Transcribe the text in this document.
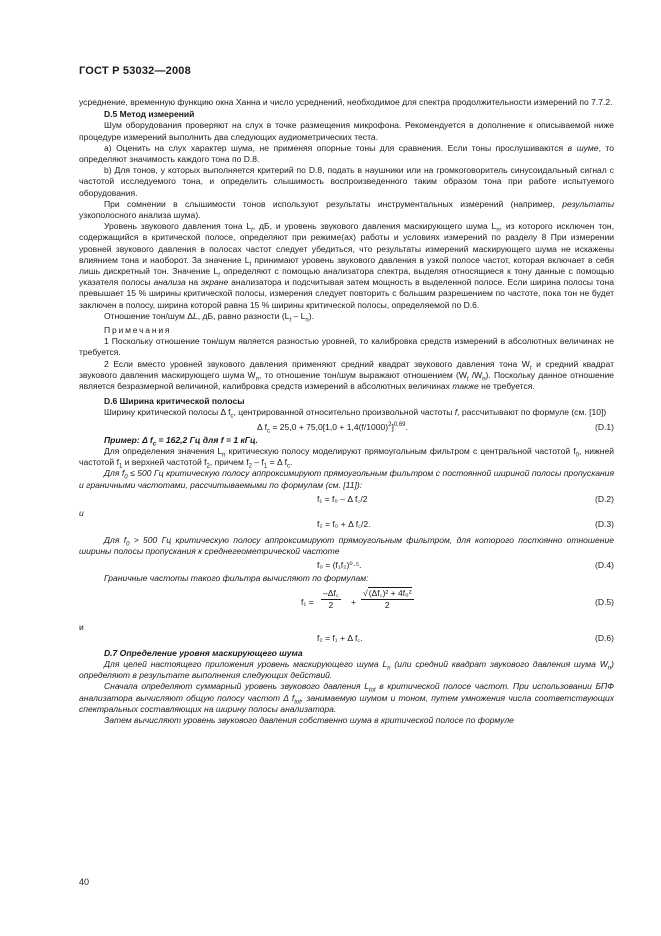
ГОСТ Р 53032—2008

усреднение, временную функцию окна Ханна и число усреднений, необходимое для спектра продолжительности измерений по 7.7.2.

D.5 Метод измерений

Шум оборудования проверяют на слух в точке размещения микрофона. Рекомендуется в дополнение к описываемой ниже процедуре измерений выполнить два следующих аудиометрических теста.

а) Оценить на слух характер шума, не применяя опорные тоны для сравнения. Если тоны прослушиваются в шуме, то определяют значимость каждого тона по D.8.

b) Для тонов, у которых выполняется критерий по D.8, подать в наушники или на громкоговоритель синусоидальный сигнал с частотой исследуемого тона, и определить слышимость воспроизведенного таким образом тона при работе испытуемого оборудования.

При сомнении в слышимости тонов используют результаты инструментальных измерений (например, результаты узкополосного анализа шума).

Уровень звукового давления тона $L_t$, дБ, и уровень звукового давления маскирующего шума $L_n$, из которого исключен тон, содержащийся в критической полосе, определяют при режиме(ах) работы и условиях измерений по разделу 8 При измерении уровней звукового давления в полосах частот следует убедиться, что результаты измерений маскирующего шума не искажены влиянием тона и наоборот. За значение $L_t$ принимают уровень звукового давления в узкой полосе частот, которая включает в себя лишь дискретный тон. Значение $L_t$ определяют с помощью анализатора спектра, выделяя относящиеся к тону данные с помощью указателя полосы анализа на экране анализатора и подсчитывая затем мощность в выделенной полосе. Если ширина полосы тона превышает 15 % ширины критической полосы, измерения следует повторить с большим разрешением по частоте, пока тон не будет заключен в полосу, ширина которой равна 15 % ширины критической полосы, определяемой по D.6.

Отношение тон/шум ΔL, дБ, равно разности $(L_t - L_n)$.

Примечания

1 Поскольку отношение тон/шум является разностью уровней, то калибровка средств измерений в абсолютных величинах не требуется.

2 Если вместо уровней звукового давления применяют средний квадрат звукового давления тона $W_t$ и средний квадрат звукового давления маскирующего шума $W_n$, то отношение тон/шум выражают отношением ($W_t$ $/W_n$). Поскольку данное отношение является безразмерной величиной, калибровка средств измерений в абсолютных величинах также не требуется.

D.6 Ширина критической полосы

Ширину критической полосы Δ $f_c$, центрированной относительно произвольной частоты f, рассчитывают по формуле (см. [10])

Δ $f_c = 25,0 + 75,0[1,0 + 1,4(f/1000)^2]^{0,69}$.	(D.1)

Пример: Δ $f_c = 162,2$ Гц для f = 1 кГц.

Для определения значения $L_n$ критическую полосу моделируют прямоугольным фильтром с центральной частотой $f_0$, нижней частотой $f_1$ и верхней частотой $f_2$, причем $f_2 - f_1 = \Delta$ $f_c$.

Для $f_0 \le 500$ Гц критическую полосу аппроксимируют прямоугольным фильтром с постоянной шириной полосы пропускания и граничными частотами, рассчитываемыми по формулам (см. [11]):

f₁ = f₀ – Δ f꜀/2	(D.2)

и

f₂ = f₀ + Δ f꜀/2.	(D.3)

Для $f_0 > 500$ Гц критическую полосу аппроксимируют прямоугольным фильтром, для которого постоянно отношение ширины полосы пропускания к среднегеометрической частоте

f₀ = (f₁f₂)⁰·⁵.	(D.4)

Граничные частоты такого фильтра вычисляют по формулам:

$f_1 = \frac{-\Delta f꜀}{2} + \frac{\text{√(Δf꜀)² + 4f₀²}}{2}$	(D.5)

и

f₂ = f₁ + Δ f꜀.	(D.6)

D.7 Определение уровня маскирующего шума

Для целей настоящего приложения уровень маскирующего шума $L_n$ (или средний квадрат звукового давления шума $W_n$) определяют в результате выполнения следующих действий.

Сначала определяют суммарный уровень звукового давления $L_{tot}$ в критической полосе частот. При использовании БПФ анализатора вычисляют общую полосу частот Δ $f_{tot}$, занимаемую шумом и тоном, путем умножения числа соответствующих спектральных составляющих на ширину полосы анализатора.

Затем вычисляют уровень звукового давления собственно шума в критической полосе по формуле

40
